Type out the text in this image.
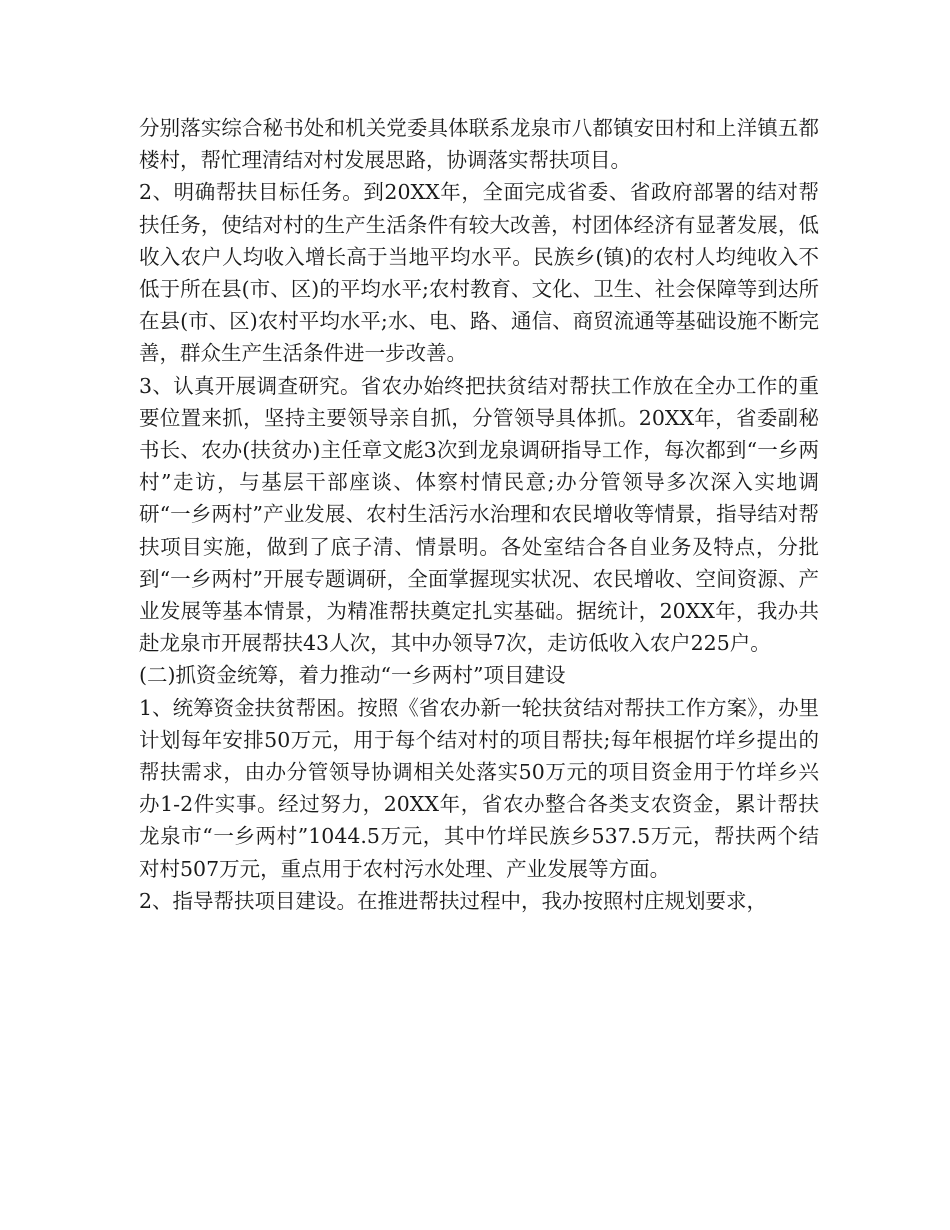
分别落实综合秘书处和机关党委具体联系龙泉市八都镇安田村和上洋镇五都楼村，帮忙理清结对村发展思路，协调落实帮扶项目。

2、明确帮扶目标任务。到20XX年，全面完成省委、省政府部署的结对帮扶任务，使结对村的生产生活条件有较大改善，村团体经济有显著发展，低收入农户人均收入增长高于当地平均水平。民族乡(镇)的农村人均纯收入不低于所在县(市、区)的平均水平;农村教育、文化、卫生、社会保障等到达所在县(市、区)农村平均水平;水、电、路、通信、商贸流通等基础设施不断完善，群众生产生活条件进一步改善。

3、认真开展调查研究。省农办始终把扶贫结对帮扶工作放在全办工作的重要位置来抓，坚持主要领导亲自抓，分管领导具体抓。20XX年，省委副秘书长、农办(扶贫办)主任章文彪3次到龙泉调研指导工作，每次都到“一乡两村”走访，与基层干部座谈、体察村情民意;办分管领导多次深入实地调研“一乡两村”产业发展、农村生活污水治理和农民增收等情景，指导结对帮扶项目实施，做到了底子清、情景明。各处室结合各自业务及特点，分批到“一乡两村”开展专题调研，全面掌握现实状况、农民增收、空间资源、产业发展等基本情景，为精准帮扶奠定扎实基础。据统计，20XX年，我办共赴龙泉市开展帮扶43人次，其中办领导7次，走访低收入农户225户。

(二)抓资金统筹，着力推动“一乡两村”项目建设

1、统筹资金扶贫帮困。按照《省农办新一轮扶贫结对帮扶工作方案》，办里计划每年安排50万元，用于每个结对村的项目帮扶;每年根据竹垟乡提出的帮扶需求，由办分管领导协调相关处落实50万元的项目资金用于竹垟乡兴办1-2件实事。经过努力，20XX年，省农办整合各类支农资金，累计帮扶龙泉市“一乡两村”1044.5万元，其中竹垟民族乡537.5万元，帮扶两个结对村507万元，重点用于农村污水处理、产业发展等方面。

2、指导帮扶项目建设。在推进帮扶过程中，我办按照村庄规划要求，
